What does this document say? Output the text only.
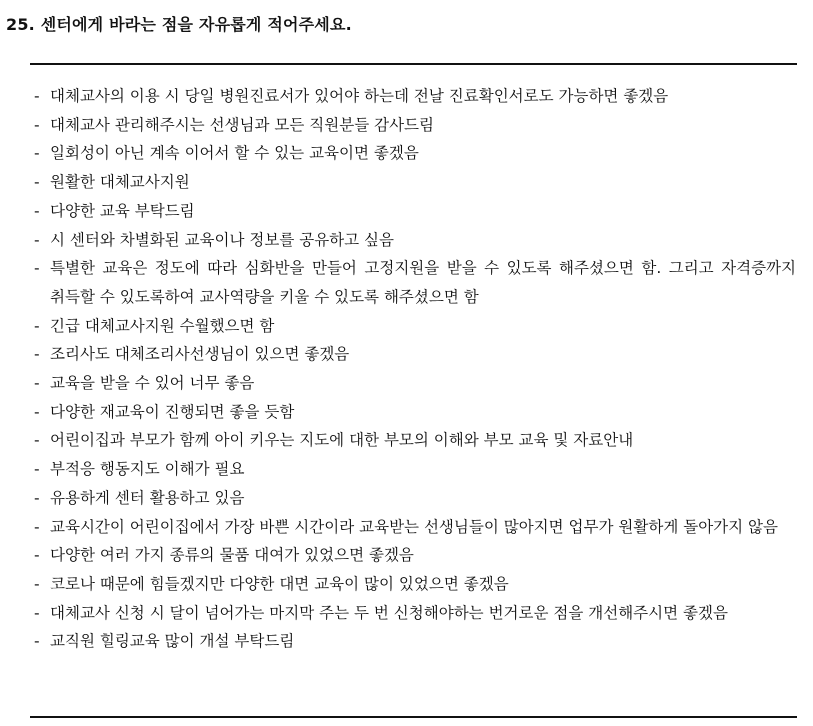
25. 센터에게 바라는 점을 자유롭게 적어주세요.
- 대체교사의 이용 시 당일 병원진료서가 있어야 하는데 전날 진료확인서로도 가능하면 좋겠음
- 대체교사 관리해주시는 선생님과 모든 직원분들 감사드림
- 일회성이 아닌 계속 이어서 할 수 있는 교육이면 좋겠음
- 원활한 대체교사지원
- 다양한 교육 부탁드림
- 시 센터와 차별화된 교육이나 정보를 공유하고 싶음
- 특별한 교육은 정도에 따라 심화반을 만들어 고정지원을 받을 수 있도록 해주셨으면 함. 그리고 자격증까지 취득할 수 있도록하여 교사역량을 키울 수 있도록 해주셨으면 함
- 긴급 대체교사지원 수월했으면 함
- 조리사도 대체조리사선생님이 있으면 좋겠음
- 교육을 받을 수 있어 너무 좋음
- 다양한 재교육이 진행되면 좋을 듯함
- 어린이집과 부모가 함께 아이 키우는 지도에 대한 부모의 이해와 부모 교육 및 자료안내
- 부적응 행동지도 이해가 필요
- 유용하게 센터 활용하고 있음
- 교육시간이 어린이집에서 가장 바쁜 시간이라 교육받는 선생님들이 많아지면 업무가 원활하게 돌아가지 않음
- 다양한 여러 가지 종류의 물품 대여가 있었으면 좋겠음
- 코로나 때문에 힘들겠지만 다양한 대면 교육이 많이 있었으면 좋겠음
- 대체교사 신청 시 달이 넘어가는 마지막 주는 두 번 신청해야하는 번거로운 점을 개선해주시면 좋겠음
- 교직원 힐링교육 많이 개설 부탁드림
